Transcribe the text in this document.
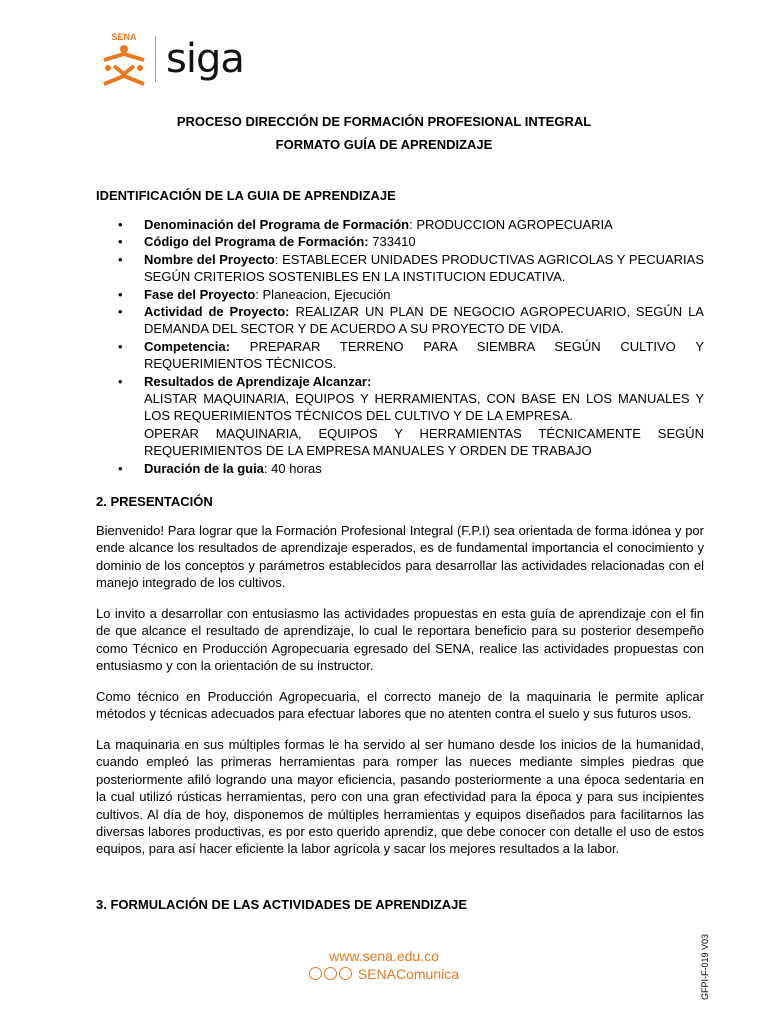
SENA siga
PROCESO DIRECCIÓN DE FORMACIÓN PROFESIONAL INTEGRAL
FORMATO GUÍA DE APRENDIZAJE
IDENTIFICACIÓN DE LA GUIA DE APRENDIZAJE
• Denominación del Programa de Formación: PRODUCCION AGROPECUARIA
• Código del Programa de Formación: 733410
• Nombre del Proyecto: ESTABLECER UNIDADES PRODUCTIVAS AGRICOLAS Y PECUARIAS SEGÚN CRITERIOS SOSTENIBLES EN LA INSTITUCION EDUCATIVA.
• Fase del Proyecto: Planeacion, Ejecución
• Actividad de Proyecto: REALIZAR UN PLAN DE NEGOCIO AGROPECUARIO, SEGÚN LA DEMANDA DEL SECTOR Y DE ACUERDO A SU PROYECTO DE VIDA.
• Competencia: PREPARAR TERRENO PARA SIEMBRA SEGÚN CULTIVO Y REQUERIMIENTOS TÉCNICOS.
• Resultados de Aprendizaje Alcanzar:
ALISTAR MAQUINARIA, EQUIPOS Y HERRAMIENTAS, CON BASE EN LOS MANUALES Y LOS REQUERIMIENTOS TÉCNICOS DEL CULTIVO Y DE LA EMPRESA.
OPERAR MAQUINARIA, EQUIPOS Y HERRAMIENTAS TÉCNICAMENTE SEGÚN REQUERIMIENTOS DE LA EMPRESA MANUALES Y ORDEN DE TRABAJO
• Duración de la guia: 40 horas
2. PRESENTACIÓN

Bienvenido! Para lograr que la Formación Profesional Integral (F.P.I) sea orientada de forma idónea y por ende alcance los resultados de aprendizaje esperados, es de fundamental importancia el conocimiento y dominio de los conceptos y parámetros establecidos para desarrollar las actividades relacionadas con el manejo integrado de los cultivos.

Lo invito a desarrollar con entusiasmo las actividades propuestas en esta guía de aprendizaje con el fin de que alcance el resultado de aprendizaje, lo cual le reportara beneficio para su posterior desempeño como Técnico en Producción Agropecuaria egresado del SENA, realice las actividades propuestas con entusiasmo y con la orientación de su instructor.

Como técnico en Producción Agropecuaria, el correcto manejo de la maquinaria le permite aplicar métodos y técnicas adecuados para efectuar labores que no atenten contra el suelo y sus futuros usos.

La maquinaria en sus múltiples formas le ha servido al ser humano desde los inicios de la humanidad, cuando empleó las primeras herramientas para romper las nueces mediante simples piedras que posteriormente afiló logrando una mayor eficiencia, pasando posteriormente a una época sedentaria en la cual utilizó rústicas herramientas, pero con una gran efectividad para la época y para sus incipientes cultivos. Al día de hoy, disponemos de múltiples herramientas y equipos diseñados para facilitarnos las diversas labores productivas, es por esto querido aprendiz, que debe conocer con detalle el uso de estos equipos, para así hacer eficiente la labor agrícola y sacar los mejores resultados a la labor.

3. FORMULACIÓN DE LAS ACTIVIDADES DE APRENDIZAJE
www.sena.edu.co
SENAComunica	GFPI-F-019 V03
